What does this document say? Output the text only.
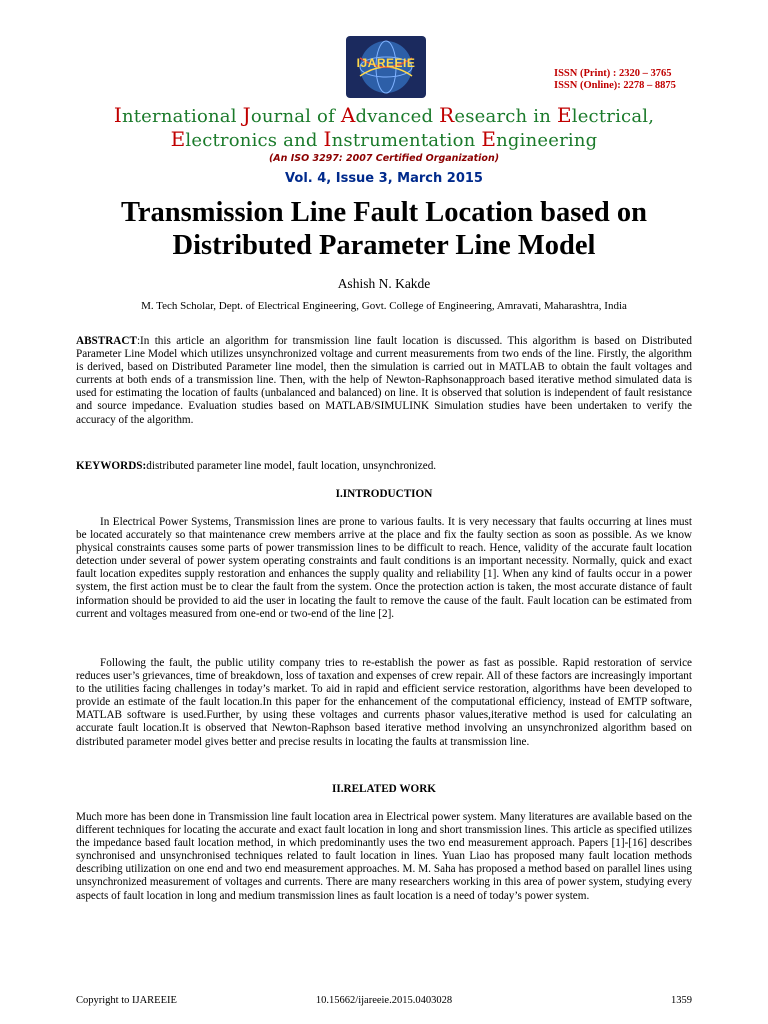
IJAREEIE
ISSN (Print) : 2320 – 3765
ISSN (Online): 2278 – 8875
International Journal of Advanced Research in Electrical,
Electronics and Instrumentation Engineering
(An ISO 3297: 2007 Certified Organization)
Vol. 4, Issue 3, March 2015
Transmission Line Fault Location based on
Distributed Parameter Line Model
Ashish N. Kakde
M. Tech Scholar, Dept. of Electrical Engineering, Govt. College of Engineering, Amravati, Maharashtra, India
ABSTRACT:In this article an algorithm for transmission line fault location is discussed. This algorithm is based on Distributed Parameter Line Model which utilizes unsynchronized voltage and current measurements from two ends of the line. Firstly, the algorithm is derived, based on Distributed Parameter line model, then the simulation is carried out in MATLAB to obtain the fault voltages and currents at both ends of a transmission line. Then, with the help of Newton-Raphsonapproach based iterative method simulated data is used for estimating the location of faults (unbalanced and balanced) on line. It is observed that solution is independent of fault resistance and source impedance. Evaluation studies based on MATLAB/SIMULINK Simulation studies have been undertaken to verify the accuracy of the algorithm.
KEYWORDS:distributed parameter line model, fault location, unsynchronized.
I.INTRODUCTION
In Electrical Power Systems, Transmission lines are prone to various faults. It is very necessary that faults occurring at lines must be located accurately so that maintenance crew members arrive at the place and fix the faulty section as soon as possible. As we know physical constraints causes some parts of power transmission lines to be difficult to reach. Hence, validity of the accurate fault location detection under several of power system operating constraints and fault conditions is an important necessity. Normally, quick and exact fault location expedites supply restoration and enhances the supply quality and reliability [1]. When any kind of faults occur in a power system, the first action must be to clear the fault from the system. Once the protection action is taken, the most accurate distance of fault information should be provided to aid the user in locating the fault to remove the cause of the fault. Fault location can be estimated from current and voltages measured from one-end or two-end of the line [2].
Following the fault, the public utility company tries to re-establish the power as fast as possible. Rapid restoration of service reduces user’s grievances, time of breakdown, loss of taxation and expenses of crew repair. All of these factors are increasingly important to the utilities facing challenges in today’s market. To aid in rapid and efficient service restoration, algorithms have been developed to provide an estimate of the fault location.In this paper for the enhancement of the computational efficiency, instead of EMTP software, MATLAB software is used.Further, by using these voltages and currents phasor values,iterative method is used for calculating an accurate fault location.It is observed that Newton-Raphson based iterative method involving an unsynchronized algorithm based on distributed parameter model gives better and precise results in locating the faults at transmission line.
II.RELATED WORK
Much more has been done in Transmission line fault location area in Electrical power system. Many literatures are available based on the different techniques for locating the accurate and exact fault location in long and short transmission lines. This article as specified utilizes the impedance based fault location method, in which predominantly uses the two end measurement approach. Papers [1]-[16] describes synchronised and unsynchronised techniques related to fault location in lines. Yuan Liao has proposed many fault location methods describing utilization on one end and two end measurement approaches. M. M. Saha has proposed a method based on parallel lines using unsynchronized measurement of voltages and currents. There are many researchers working in this area of power system, studying every aspects of fault location in long and medium transmission lines as fault location is a need of today’s power system.
Copyright to IJAREEIE	10.15662/ijareeie.2015.0403028	1359
